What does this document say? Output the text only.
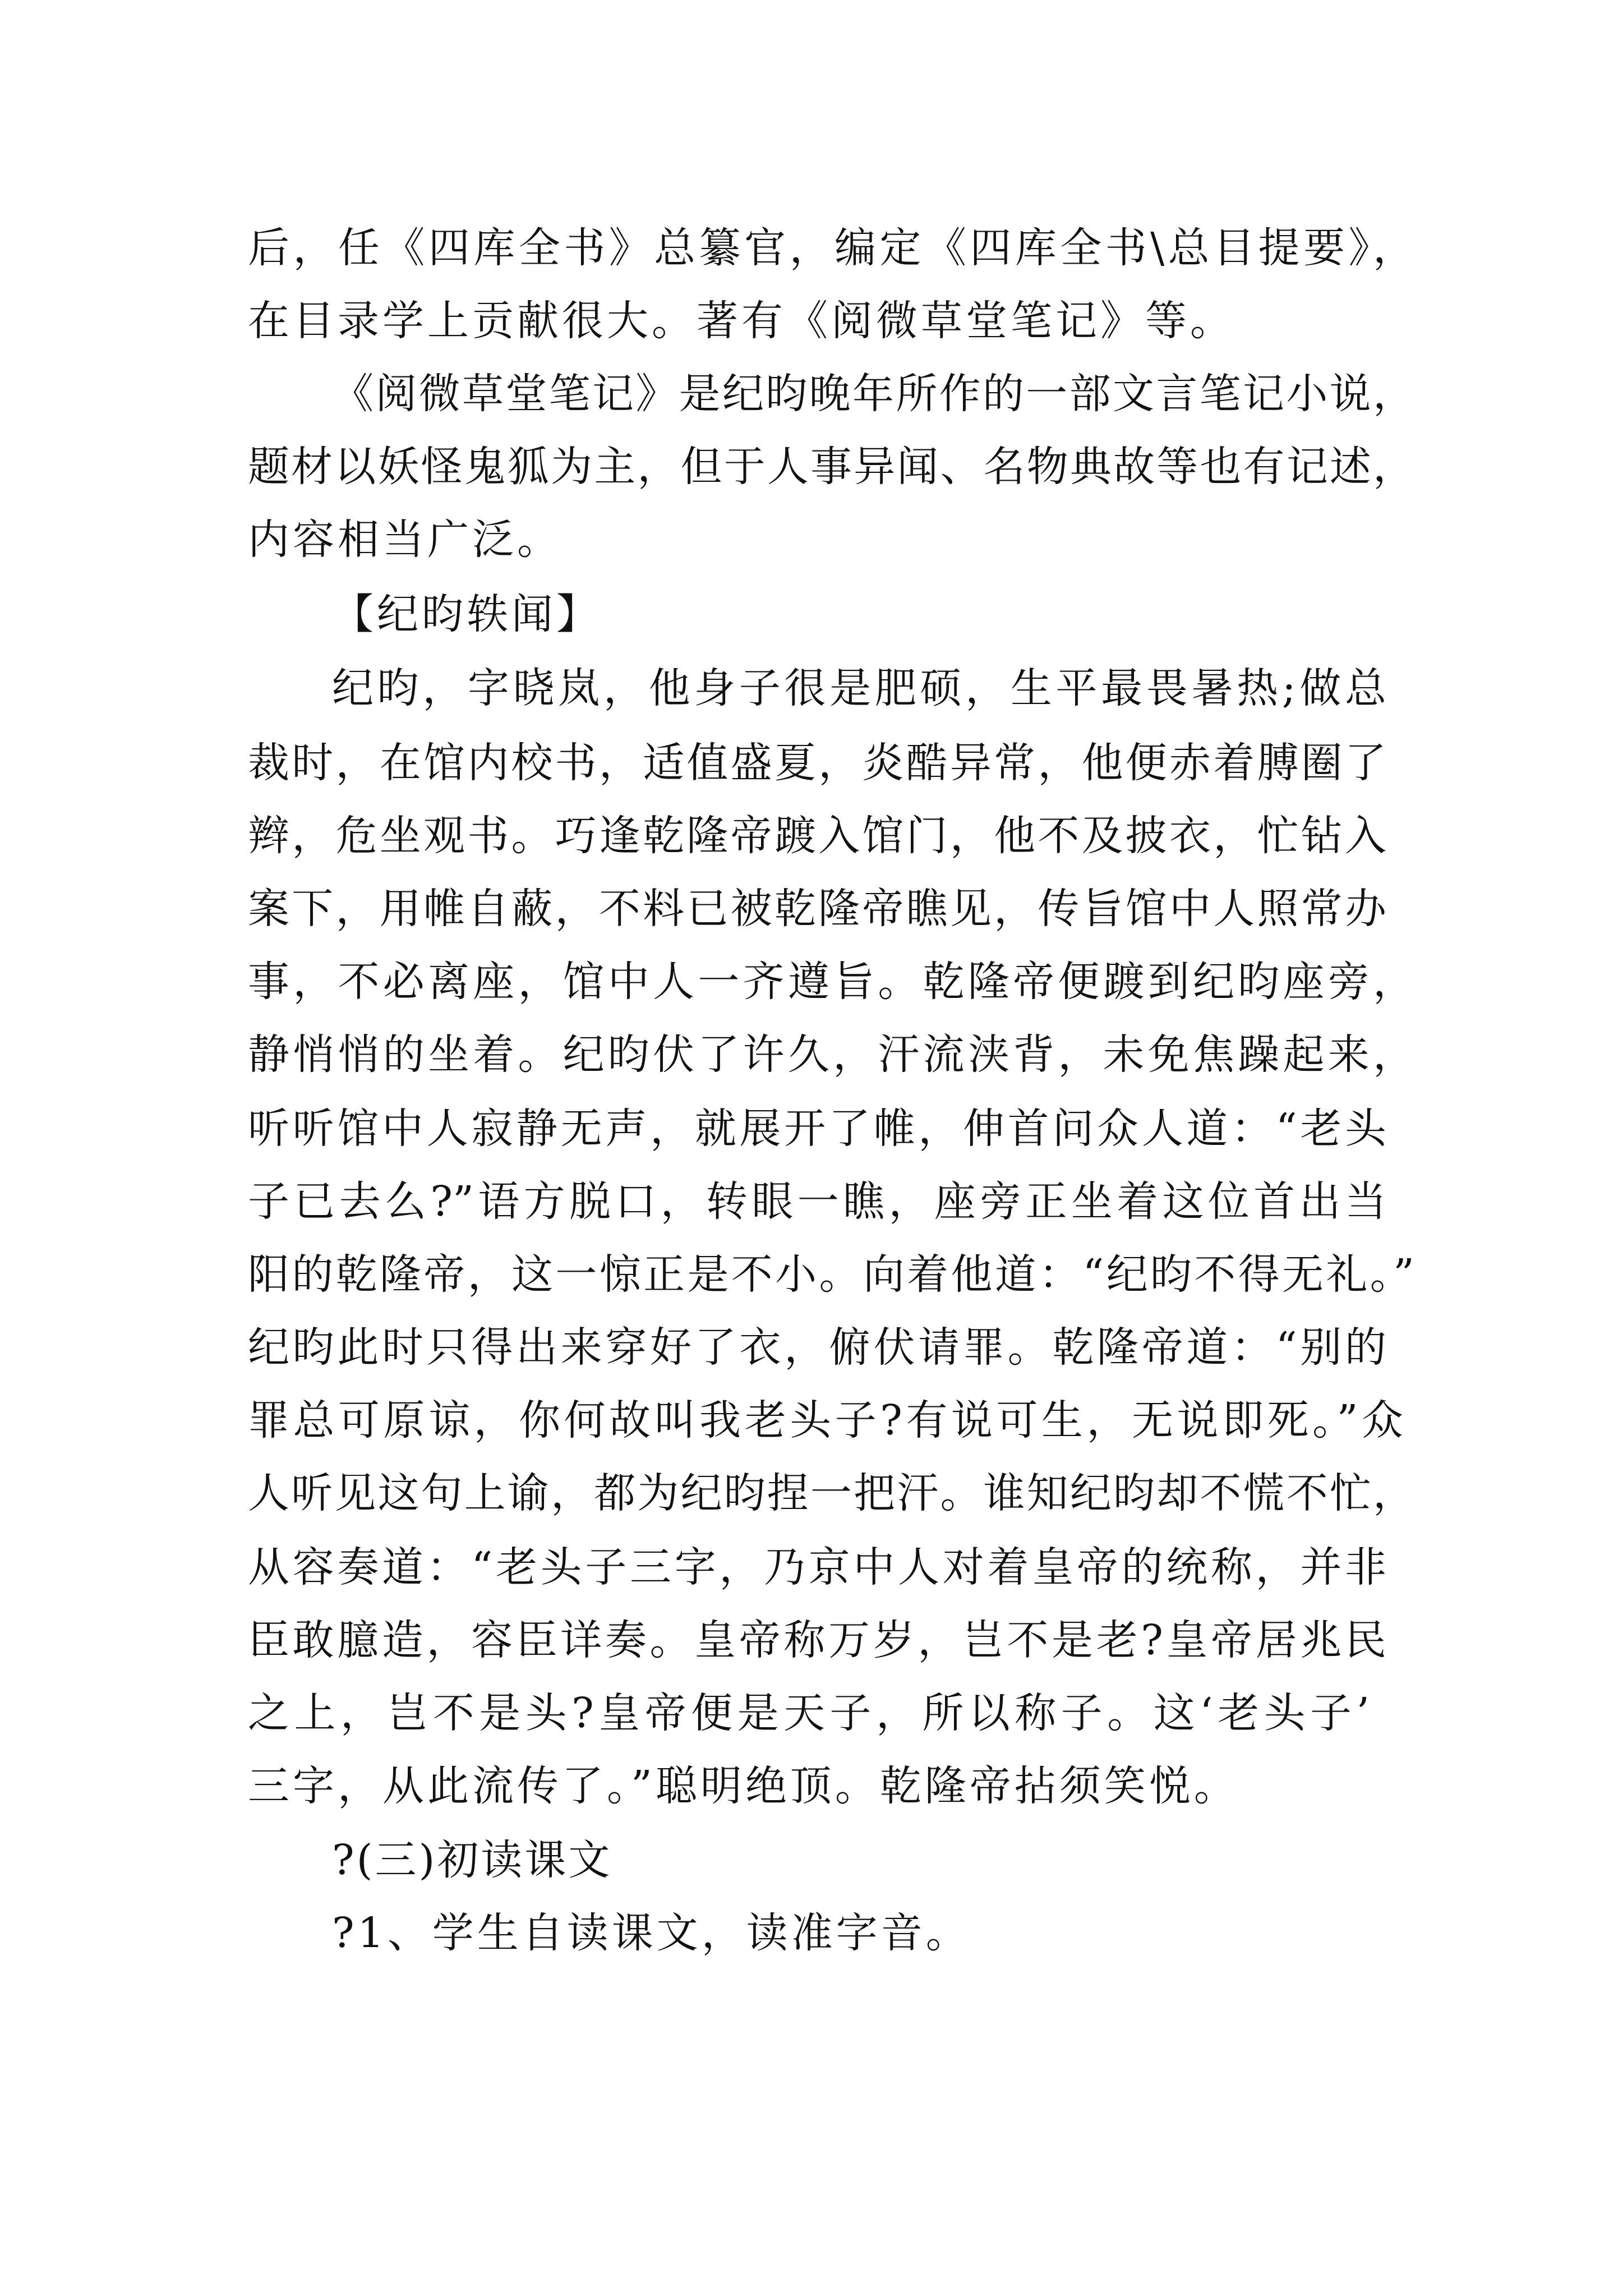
后，任《四库全书》总纂官，编定《四库全书\总目提要》，
在目录学上贡献很大。著有《阅微草堂笔记》等。
《阅微草堂笔记》是纪昀晚年所作的一部文言笔记小说，
题材以妖怪鬼狐为主，但于人事异闻、名物典故等也有记述，
内容相当广泛。
【纪昀轶闻】
纪昀，字晓岚，他身子很是肥硕，生平最畏暑热;做总
裁时，在馆内校书，适值盛夏，炎酷异常，他便赤着膊圈了
辫，危坐观书。巧逢乾隆帝踱入馆门，他不及披衣，忙钻入
案下，用帷自蔽，不料已被乾隆帝瞧见，传旨馆中人照常办
事，不必离座，馆中人一齐遵旨。乾隆帝便踱到纪昀座旁，
静悄悄的坐着。纪昀伏了许久，汗流浃背，未免焦躁起来，
听听馆中人寂静无声，就展开了帷，伸首问众人道：“老头
子已去么?”语方脱口，转眼一瞧，座旁正坐着这位首出当
阳的乾隆帝，这一惊正是不小。向着他道：“纪昀不得无礼。”
纪昀此时只得出来穿好了衣，俯伏请罪。乾隆帝道：“别的
罪总可原谅，你何故叫我老头子?有说可生，无说即死。”众
人听见这句上谕，都为纪昀捏一把汗。谁知纪昀却不慌不忙，
从容奏道：“老头子三字，乃京中人对着皇帝的统称，并非
臣敢臆造，容臣详奏。皇帝称万岁，岂不是老?皇帝居兆民
之上，岂不是头?皇帝便是天子，所以称子。这‘老头子’
三字，从此流传了。”聪明绝顶。乾隆帝拈须笑悦。
?(三)初读课文
?1、学生自读课文，读准字音。
